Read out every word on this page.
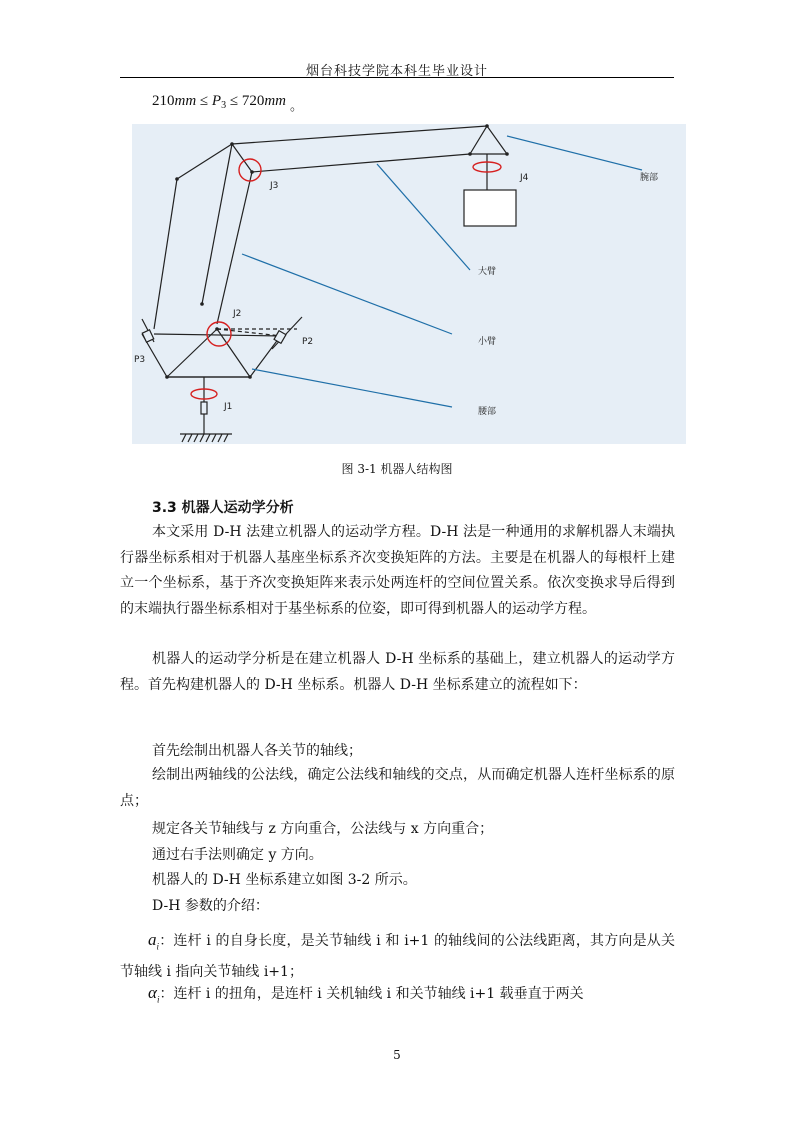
烟台科技学院本科生毕业设计
$210mm \le P_3 \le 720mm$ 。
J1
J2
J3
J4
P2
P3
腕部
大臂
小臂
腰部
图 3-1 机器人结构图
3.3 机器人运动学分析

本文采用 D-H 法建立机器人的运动学方程。D-H 法是一种通用的求解机器人末端执行器坐标系相对于机器人基座坐标系齐次变换矩阵的方法。主要是在机器人的每根杆上建立一个坐标系，基于齐次变换矩阵来表示处两连杆的空间位置关系。依次变换求导后得到的末端执行器坐标系相对于基坐标系的位姿，即可得到机器人的运动学方程。

机器人的运动学分析是在建立机器人 D-H 坐标系的基础上，建立机器人的运动学方程。首先构建机器人的 D-H 坐标系。机器人 D-H 坐标系建立的流程如下：

首先绘制出机器人各关节的轴线；

绘制出两轴线的公法线，确定公法线和轴线的交点，从而确定机器人连杆坐标系的原点；

规定各关节轴线与 z 方向重合，公法线与 x 方向重合；
通过右手法则确定 y 方向。
机器人的 D-H 坐标系建立如图 3-2 所示。
D-H 参数的介绍：

$a_i$：连杆 i 的自身长度，是关节轴线 i 和 i+1 的轴线间的公法线距离，其方向是从关节轴线 i 指向关节轴线 i+1；

$\alpha_i$：连杆 i 的扭角，是连杆 i 关机轴线 i 和关节轴线 i+1 载垂直于两关

5
